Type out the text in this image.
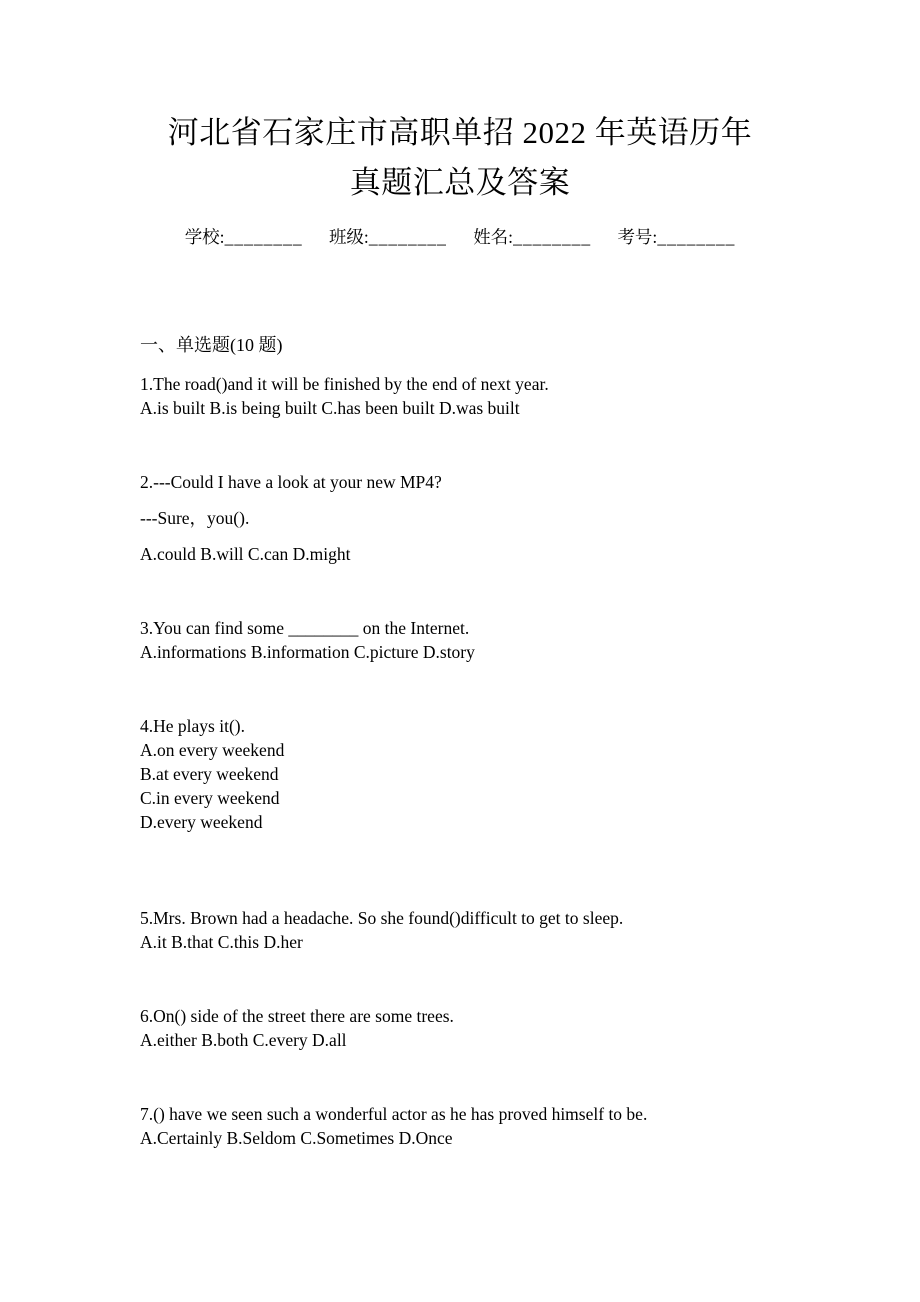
河北省石家庄市高职单招 2022 年英语历年
真题汇总及答案
学校:________ 班级:________ 姓名:________ 考号:________
一、单选题(10 题)

1.The road()and it will be finished by the end of next year.

A.is built B.is being built C.has been built D.was built

2.---Could I have a look at your new MP4?

---Sure，you().

A.could B.will C.can D.might

3.You can find some ________ on the Internet.

A.informations B.information C.picture D.story

4.He plays it().

A.on every weekend

B.at every weekend

C.in every weekend

D.every weekend

5.Mrs. Brown had a headache. So she found()difficult to get to sleep.

A.it B.that C.this D.her

6.On() side of the street there are some trees.

A.either B.both C.every D.all

7.() have we seen such a wonderful actor as he has proved himself to be.

A.Certainly B.Seldom C.Sometimes D.Once
